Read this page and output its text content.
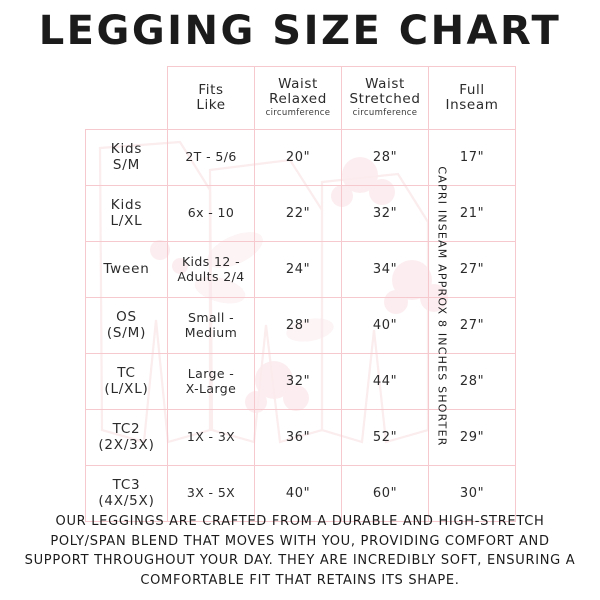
LEGGING SIZE CHART
	Fits
Like	Waist
Relaxed
circumference	Waist
Stretched
circumference	Full
Inseam

Kids
S/M	2T - 5/6	20"	28"	17"

Kids
L/XL	6x - 10	22"	32"	21"

Tween	Kids 12 -
Adults 2/4	24"	34"	27"

OS
(S/M)	Small -
Medium	28"	40"	27"

TC
(L/XL)	Large -
X-Large	32"	44"	28"

TC2
(2X/3X)	1X - 3X	36"	52"	29"

TC3
(4X/5X)	3X - 5X	40"	60"	30"
CAPRI INSEAM APPROX 8 INCHES SHORTER
OUR LEGGINGS ARE CRAFTED FROM A DURABLE AND HIGH-STRETCH POLY/SPAN BLEND THAT MOVES WITH YOU, PROVIDING COMFORT AND SUPPORT THROUGHOUT YOUR DAY. THEY ARE INCREDIBLY SOFT, ENSURING A COMFORTABLE FIT THAT RETAINS ITS SHAPE.
